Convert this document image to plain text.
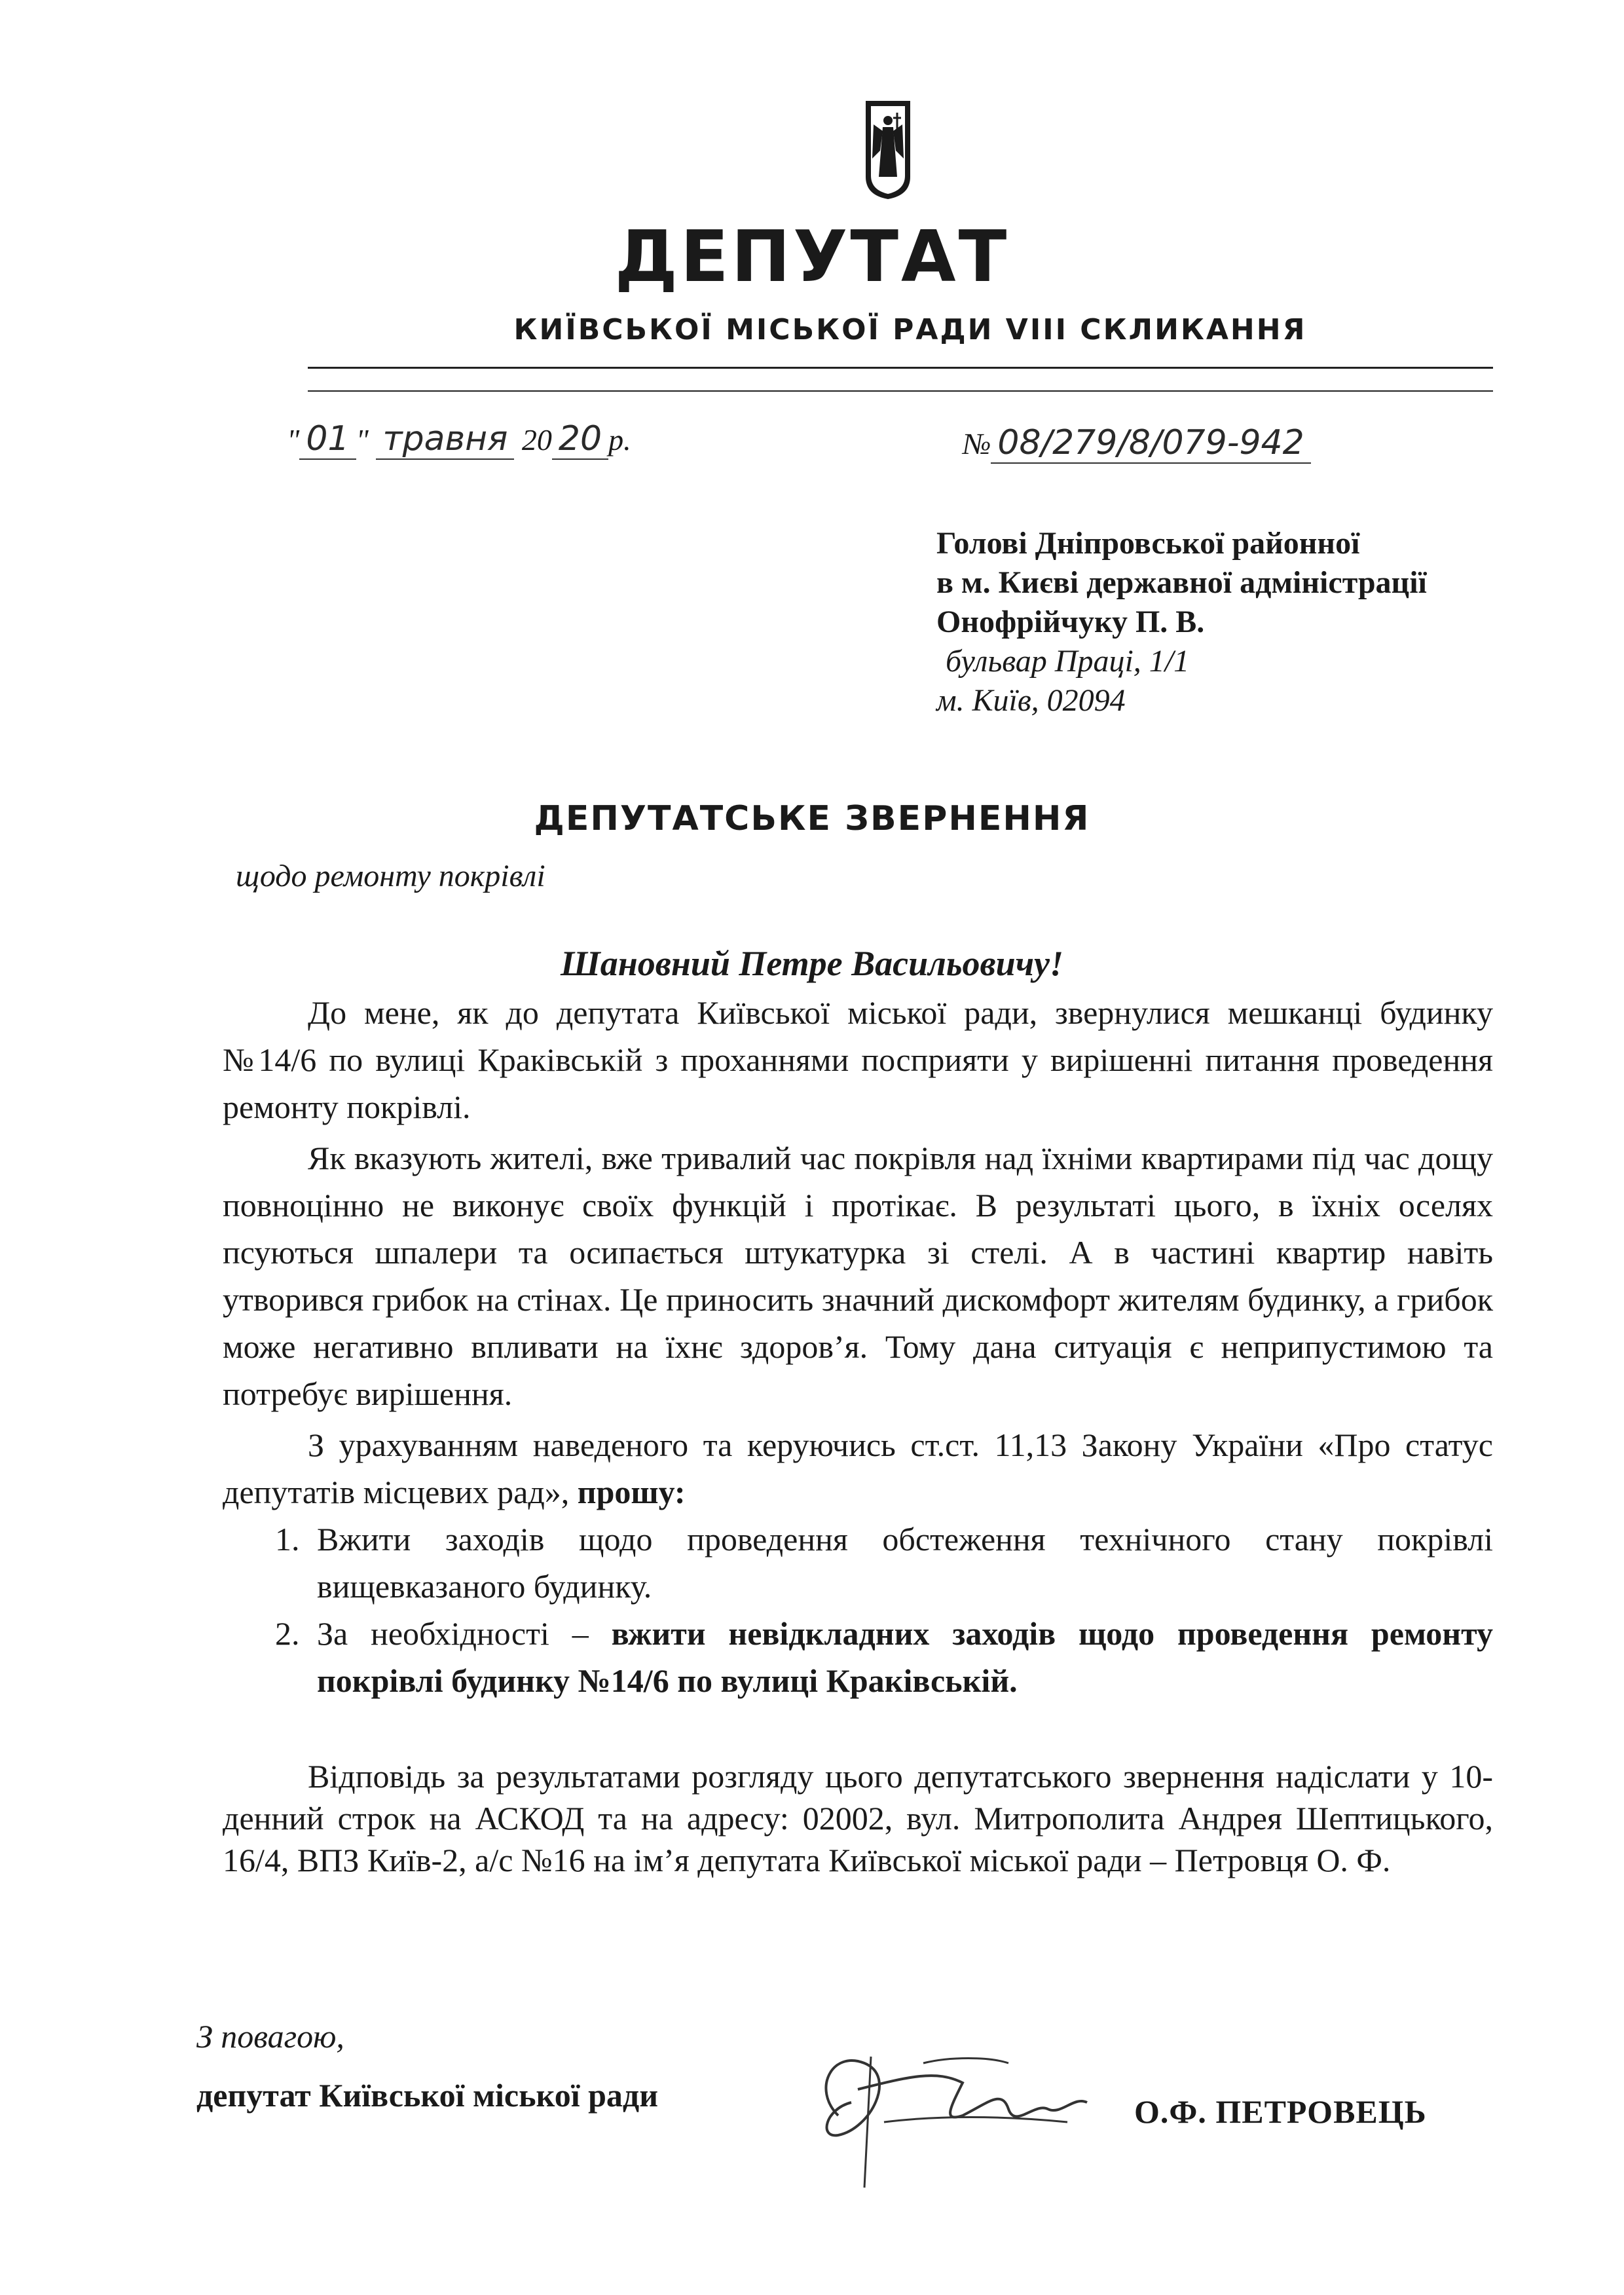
ДЕПУТАТ
КИЇВСЬКОЇ МІСЬКОЇ РАДИ VIII СКЛИКАННЯ
" 01 " травня 20 20 р.	№ 08/279/8/079-942
Голові Дніпровської районної
в м. Києві державної адміністрації
Онофрійчуку П. В.
бульвар Праці, 1/1
м. Київ, 02094
ДЕПУТАТСЬКЕ ЗВЕРНЕННЯ
щодо ремонту покрівлі
Шановний Петре Васильовичу!

До мене, як до депутата Київської міської ради, звернулися мешканці будинку №14/6 по вулиці Краківській з проханнями посприяти у вирішенні питання проведення ремонту покрівлі.

Як вказують жителі, вже тривалий час покрівля над їхніми квартирами під час дощу повноцінно не виконує своїх функцій і протікає. В результаті цього, в їхніх оселях псуються шпалери та осипається штукатурка зі стелі. А в частині квартир навіть утворився грибок на стінах. Це приносить значний дискомфорт жителям будинку, а грибок може негативно впливати на їхнє здоров’я. Тому дана ситуація є неприпустимою та потребує вирішення.

З урахуванням наведеного та керуючись ст.ст. 11,13 Закону України «Про статус депутатів місцевих рад», прошу:

1. Вжити заходів щодо проведення обстеження технічного стану покрівлі вищевказаного будинку.
2. За необхідності – вжити невідкладних заходів щодо проведення ремонту покрівлі будинку №14/6 по вулиці Краківській.

Відповідь за результатами розгляду цього депутатського звернення надіслати у 10-денний строк на АСКОД та на адресу: 02002, вул. Митрополита Андрея Шептицького, 16/4, ВПЗ Київ-2, а/с №16 на ім’я депутата Київської міської ради – Петровця О. Ф.

З повагою,
депутат Київської міської ради	О.Ф. ПЕТРОВЕЦЬ
